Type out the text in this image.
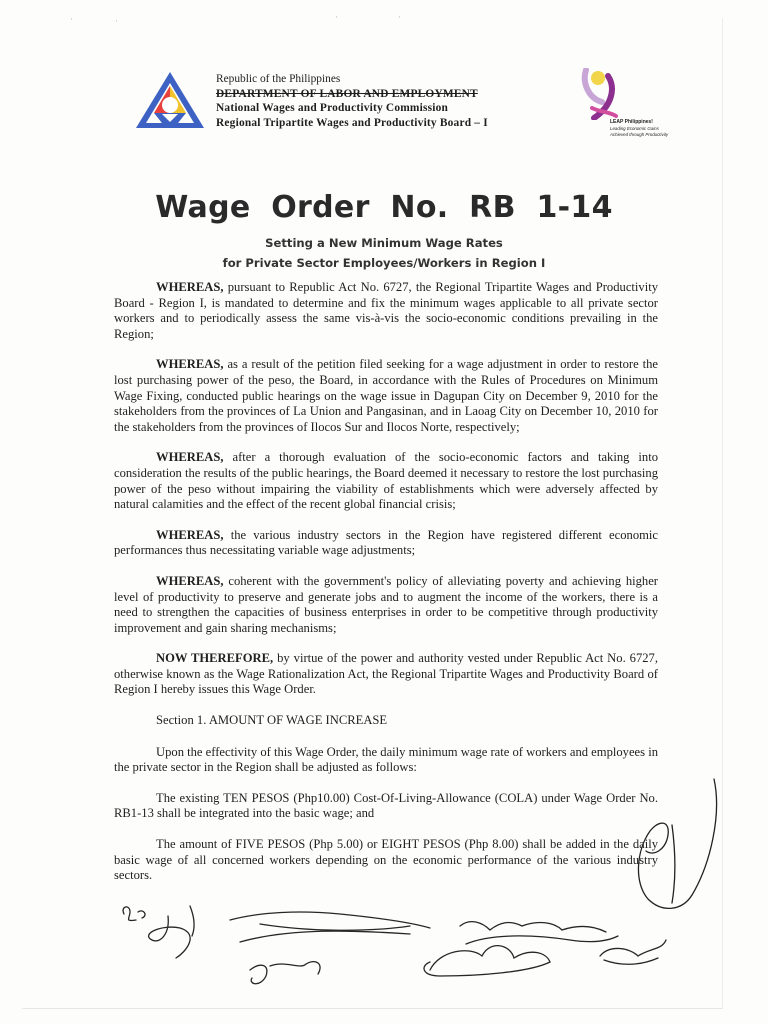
·	·	·	·
Republic of the Philippines
DEPARTMENT OF LABOR AND EMPLOYMENT
National Wages and Productivity Commission
Regional Tripartite Wages and Productivity Board – I	LEAP Philippines!
Leading Economic Gains Achieved through Productivity
Wage Order No. RB 1-14
Setting a New Minimum Wage Rates
for Private Sector Employees/Workers in Region I

WHEREAS, pursuant to Republic Act No. 6727, the Regional Tripartite Wages and Productivity Board - Region I, is mandated to determine and fix the minimum wages applicable to all private sector workers and to periodically assess the same vis-à-vis the socio-economic conditions prevailing in the Region;

WHEREAS, as a result of the petition filed seeking for a wage adjustment in order to restore the lost purchasing power of the peso, the Board, in accordance with the Rules of Procedures on Minimum Wage Fixing, conducted public hearings on the wage issue in Dagupan City on December 9, 2010 for the stakeholders from the provinces of La Union and Pangasinan, and in Laoag City on December 10, 2010 for the stakeholders from the provinces of Ilocos Sur and Ilocos Norte, respectively;

WHEREAS, after a thorough evaluation of the socio-economic factors and taking into consideration the results of the public hearings, the Board deemed it necessary to restore the lost purchasing power of the peso without impairing the viability of establishments which were adversely affected by natural calamities and the effect of the recent global financial crisis;

WHEREAS, the various industry sectors in the Region have registered different economic performances thus necessitating variable wage adjustments;

WHEREAS, coherent with the government's policy of alleviating poverty and achieving higher level of productivity to preserve and generate jobs and to augment the income of the workers, there is a need to strengthen the capacities of business enterprises in order to be competitive through productivity improvement and gain sharing mechanisms;

NOW THEREFORE, by virtue of the power and authority vested under Republic Act No. 6727, otherwise known as the Wage Rationalization Act, the Regional Tripartite Wages and Productivity Board of Region I hereby issues this Wage Order.

Section 1. AMOUNT OF WAGE INCREASE

Upon the effectivity of this Wage Order, the daily minimum wage rate of workers and employees in the private sector in the Region shall be adjusted as follows:

The existing TEN PESOS (Php10.00) Cost-Of-Living-Allowance (COLA) under Wage Order No. RB1-13 shall be integrated into the basic wage; and

The amount of FIVE PESOS (Php 5.00) or EIGHT PESOS (Php 8.00) shall be added in the daily basic wage of all concerned workers depending on the economic performance of the various industry sectors.
